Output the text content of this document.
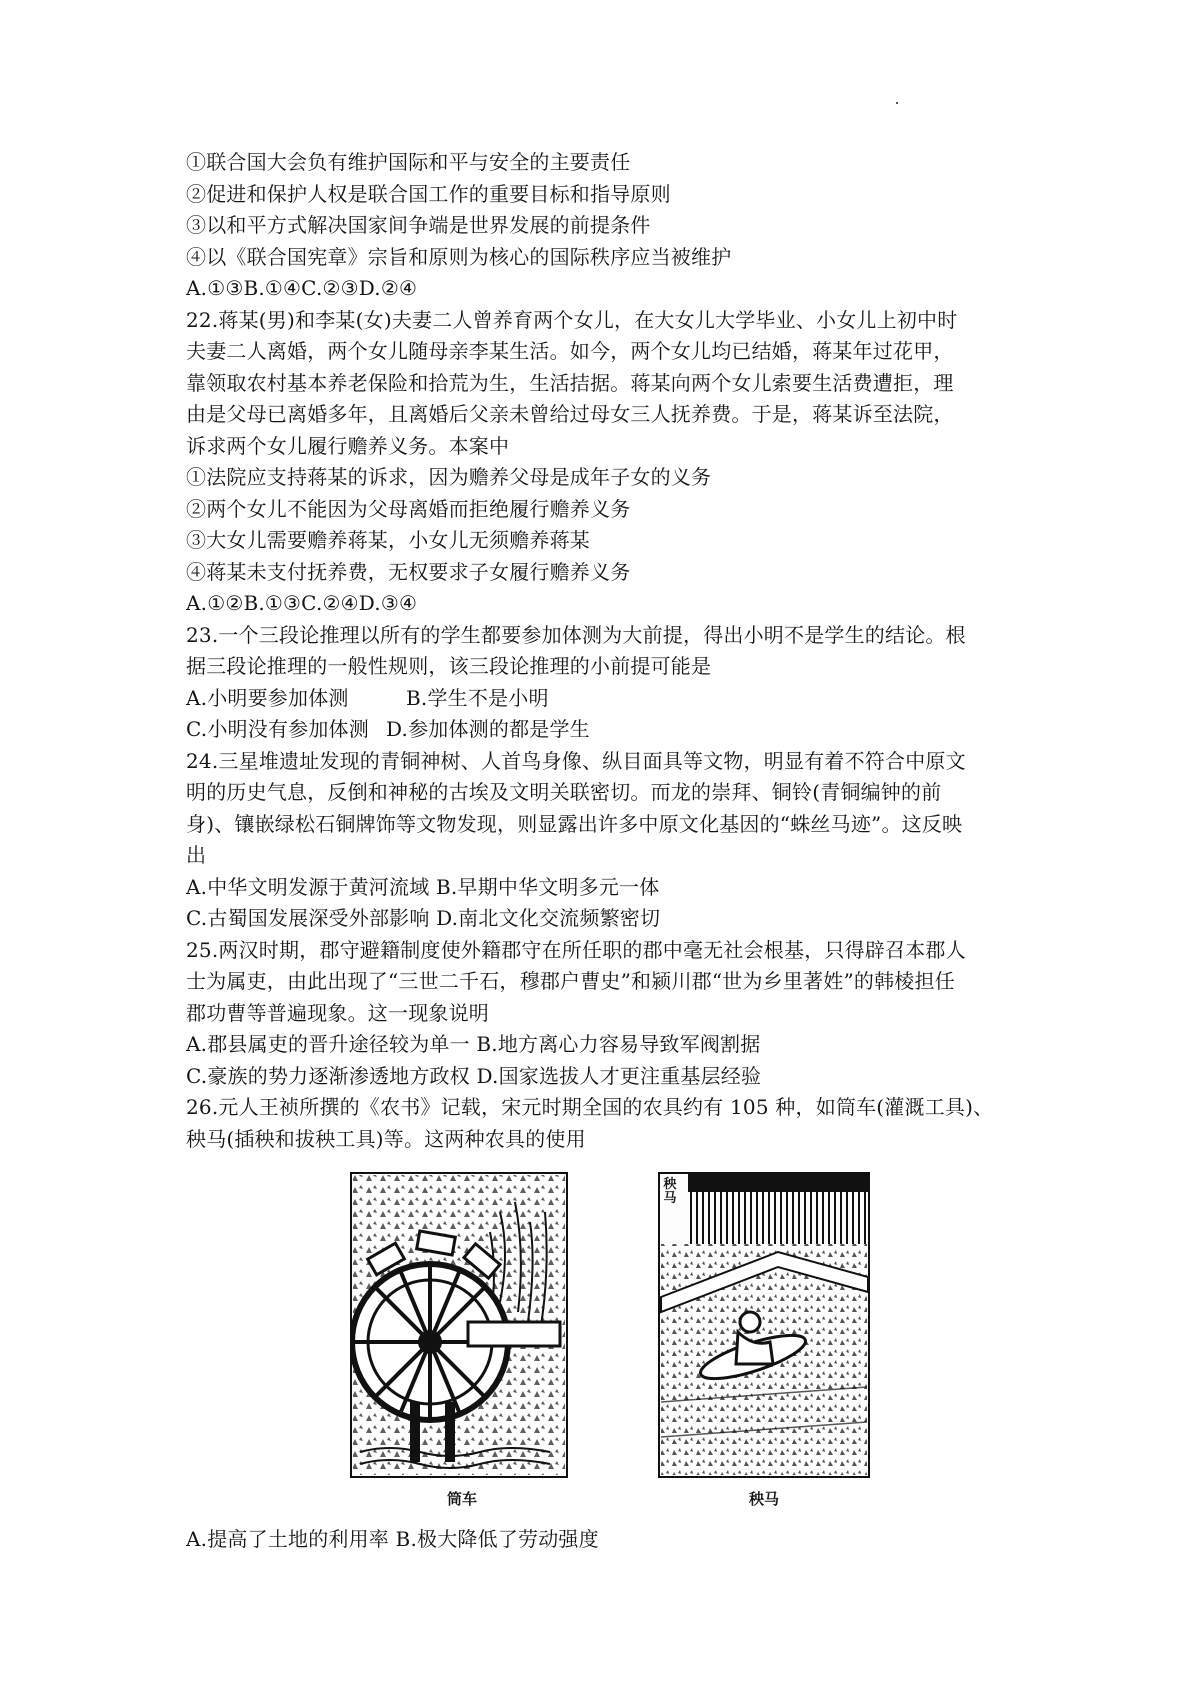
①联合国大会负有维护国际和平与安全的主要责任
②促进和保护人权是联合国工作的重要目标和指导原则
③以和平方式解决国家间争端是世界发展的前提条件
④以《联合国宪章》宗旨和原则为核心的国际秩序应当被维护
A.①③B.①④C.②③D.②④
22.蒋某(男)和李某(女)夫妻二人曾养育两个女儿，在大女儿大学毕业、小女儿上初中时
夫妻二人离婚，两个女儿随母亲李某生活。如今，两个女儿均已结婚，蒋某年过花甲，
靠领取农村基本养老保险和拾荒为生，生活拮据。蒋某向两个女儿索要生活费遭拒，理
由是父母已离婚多年，且离婚后父亲未曾给过母女三人抚养费。于是，蒋某诉至法院，
诉求两个女儿履行赡养义务。本案中
①法院应支持蒋某的诉求，因为赡养父母是成年子女的义务
②两个女儿不能因为父母离婚而拒绝履行赡养义务
③大女儿需要赡养蒋某，小女儿无须赡养蒋某
④蒋某未支付抚养费，无权要求子女履行赡养义务
A.①②B.①③C.②④D.③④
23.一个三段论推理以所有的学生都要参加体测为大前提，得出小明不是学生的结论。根
据三段论推理的一般性规则，该三段论推理的小前提可能是
A.小明要参加体测	B.学生不是小明
C.小明没有参加体测 D.参加体测的都是学生
24.三星堆遗址发现的青铜神树、人首鸟身像、纵目面具等文物，明显有着不符合中原文
明的历史气息，反倒和神秘的古埃及文明关联密切。而龙的崇拜、铜铃(青铜编钟的前
身)、镶嵌绿松石铜牌饰等文物发现，则显露出许多中原文化基因的“蛛丝马迹”。这反映
出
A.中华文明发源于黄河流域 B.早期中华文明多元一体
C.古蜀国发展深受外部影响 D.南北文化交流频繁密切
25.两汉时期，郡守避籍制度使外籍郡守在所任职的郡中毫无社会根基，只得辟召本郡人
士为属吏，由此出现了“三世二千石，穆郡户曹史”和颍川郡“世为乡里著姓”的韩棱担任
郡功曹等普遍现象。这一现象说明
A.郡县属吏的晋升途径较为单一 B.地方离心力容易导致军阀割据
C.豪族的势力逐渐渗透地方政权 D.国家选拔人才更注重基层经验
26.元人王祯所撰的《农书》记载，宋元时期全国的农具约有 105 种，如筒车(灌溉工具)、
秧马(插秧和拔秧工具)等。这两种农具的使用
筒车
秧马
秧马
A.提高了土地的利用率 B.极大降低了劳动强度
